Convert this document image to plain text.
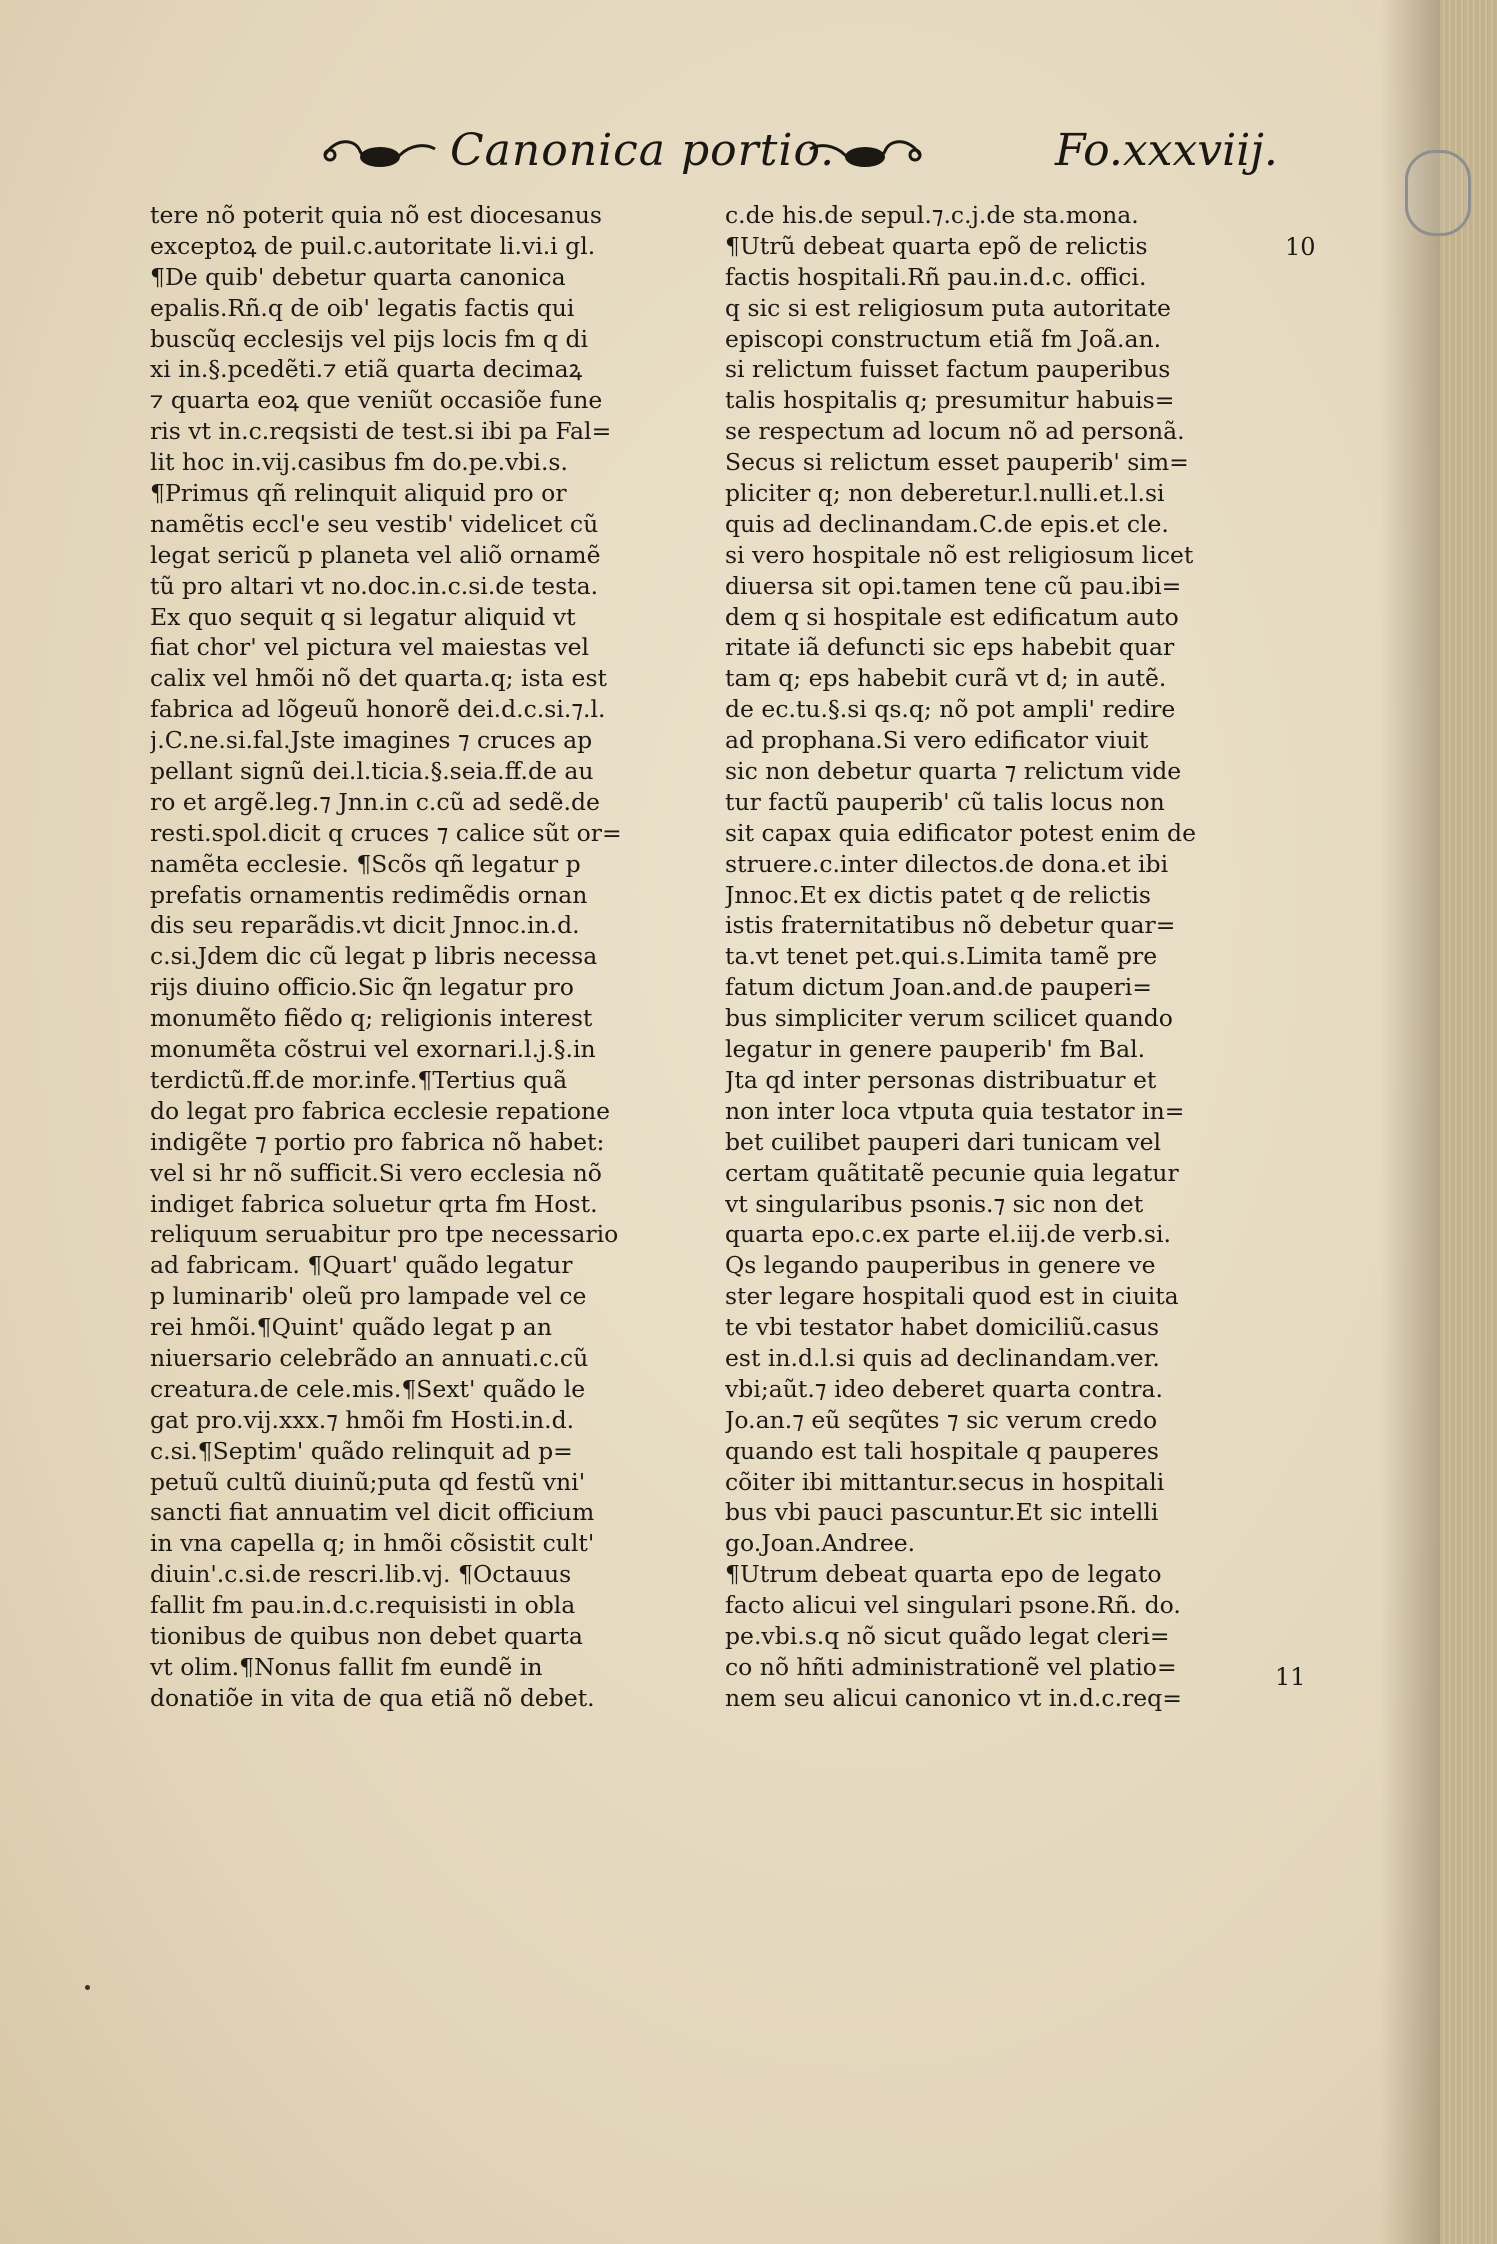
Canonica portio.	Fo.xxxviij.
tere nõ poterit quia nõ est diocesanus
exceptoꝝ de puil.c.autoritate li.vi.i gl.
¶De quib' debetur quarta canonica
epalis.Rñ.q de oib' legatis factis qui
buscũq ecclesijs vel pijs locis fm q di
xi in.§.pcedẽti.⁊ etiã quarta decimaꝝ
⁊ quarta eoꝝ que veniũt occasiõe fune
ris vt in.c.reqsisti de test.si ibi pa Fal=
lit hoc in.vij.casibus fm do.pe.vbi.s.
¶Primus qñ relinquit aliquid pro or
namẽtis eccl'e seu vestib' videlicet cũ
legat sericũ p planeta vel aliõ ornamẽ
tũ pro altari vt no.doc.in.c.si.de testa.
Ex quo sequit q si legatur aliquid vt
fiat chor' vel pictura vel maiestas vel
calix vel hmõi nõ det quarta.q; ista est
fabrica ad lõgeuũ honorẽ dei.d.c.si.⁊.l.
j.C.ne.si.fal.Jste imagines ⁊ cruces ap
pellant signũ dei.l.ticia.§.seia.ff.de au
ro et argẽ.leg.⁊ Jnn.in c.cũ ad sedẽ.de
resti.spol.dicit q cruces ⁊ calice sũt or=
namẽta ecclesie. ¶Scõs qñ legatur p
prefatis ornamentis redimẽdis ornan
dis seu reparãdis.vt dicit Jnnoc.in.d.
c.si.Jdem dic cũ legat p libris necessa
rijs diuino officio.Sic q̃n legatur pro
monumẽto fiẽdo q; religionis interest
monumẽta cõstrui vel exornari.l.j.§.in
terdictũ.ff.de mor.infe.¶Tertius quã
do legat pro fabrica ecclesie repatione
indigẽte ⁊ portio pro fabrica nõ habet:
vel si hr nõ sufficit.Si vero ecclesia nõ
indiget fabrica soluetur qrta fm Host.
reliquum seruabitur pro tpe necessario
ad fabricam. ¶Quart' quãdo legatur
p luminarib' oleũ pro lampade vel ce
rei hmõi.¶Quint' quãdo legat p an
niuersario celebrãdo an annuati.c.cũ
creatura.de cele.mis.¶Sext' quãdo le
gat pro.vij.xxx.⁊ hmõi fm Hosti.in.d.
c.si.¶Septim' quãdo relinquit ad p=
petuũ cultũ diuinũ;puta qd festũ vni'
sancti fiat annuatim vel dicit officium
in vna capella q; in hmõi cõsistit cult'
diuin'.c.si.de rescri.lib.vj. ¶Octauus
fallit fm pau.in.d.c.requisisti in obla
tionibus de quibus non debet quarta
vt olim.¶Nonus fallit fm eundẽ in
donatiõe in vita de qua etiã nõ debet.
c.de his.de sepul.⁊.c.j.de sta.mona.
¶Utrũ debeat quarta epõ de relictis
factis hospitali.Rñ pau.in.d.c. offici.
q sic si est religiosum puta autoritate
episcopi constructum etiã fm Joã.an.
si relictum fuisset factum pauperibus
talis hospitalis q; presumitur habuis=
se respectum ad locum nõ ad personã.
Secus si relictum esset pauperib' sim=
pliciter q; non deberetur.l.nulli.et.l.si
quis ad declinandam.C.de epis.et cle.
si vero hospitale nõ est religiosum licet
diuersa sit opi.tamen tene cũ pau.ibi=
dem q si hospitale est edificatum auto
ritate iã defuncti sic eps habebit quar
tam q; eps habebit curã vt d; in autẽ.
de ec.tu.§.si qs.q; nõ pot ampli' redire
ad prophana.Si vero edificator viuit
sic non debetur quarta ⁊ relictum vide
tur factũ pauperib' cũ talis locus non
sit capax quia edificator potest enim de
struere.c.inter dilectos.de dona.et ibi
Jnnoc.Et ex dictis patet q de relictis
istis fraternitatibus nõ debetur quar=
ta.vt tenet pet.qui.s.Limita tamẽ pre
fatum dictum Joan.and.de pauperi=
bus simpliciter verum scilicet quando
legatur in genere pauperib' fm Bal.
Jta qd inter personas distribuatur et
non inter loca vtputa quia testator in=
bet cuilibet pauperi dari tunicam vel
certam quãtitatẽ pecunie quia legatur
vt singularibus psonis.⁊ sic non det
quarta epo.c.ex parte el.iij.de verb.si.
Qs legando pauperibus in genere ve
ster legare hospitali quod est in ciuita
te vbi testator habet domiciliũ.casus
est in.d.l.si quis ad declinandam.ver.
vbi;aũt.⁊ ideo deberet quarta contra.
Jo.an.⁊ eũ seqũtes ⁊ sic verum credo
quando est tali hospitale q pauperes
cõiter ibi mittantur.secus in hospitali
bus vbi pauci pascuntur.Et sic intelli
go.Joan.Andree.
¶Utrum debeat quarta epo de legato
facto alicui vel singulari psone.Rñ. do.
pe.vbi.s.q nõ sicut quãdo legat cleri=
co nõ hñti administrationẽ vel platio=
nem seu alicui canonico vt in.d.c.req=
10
11
